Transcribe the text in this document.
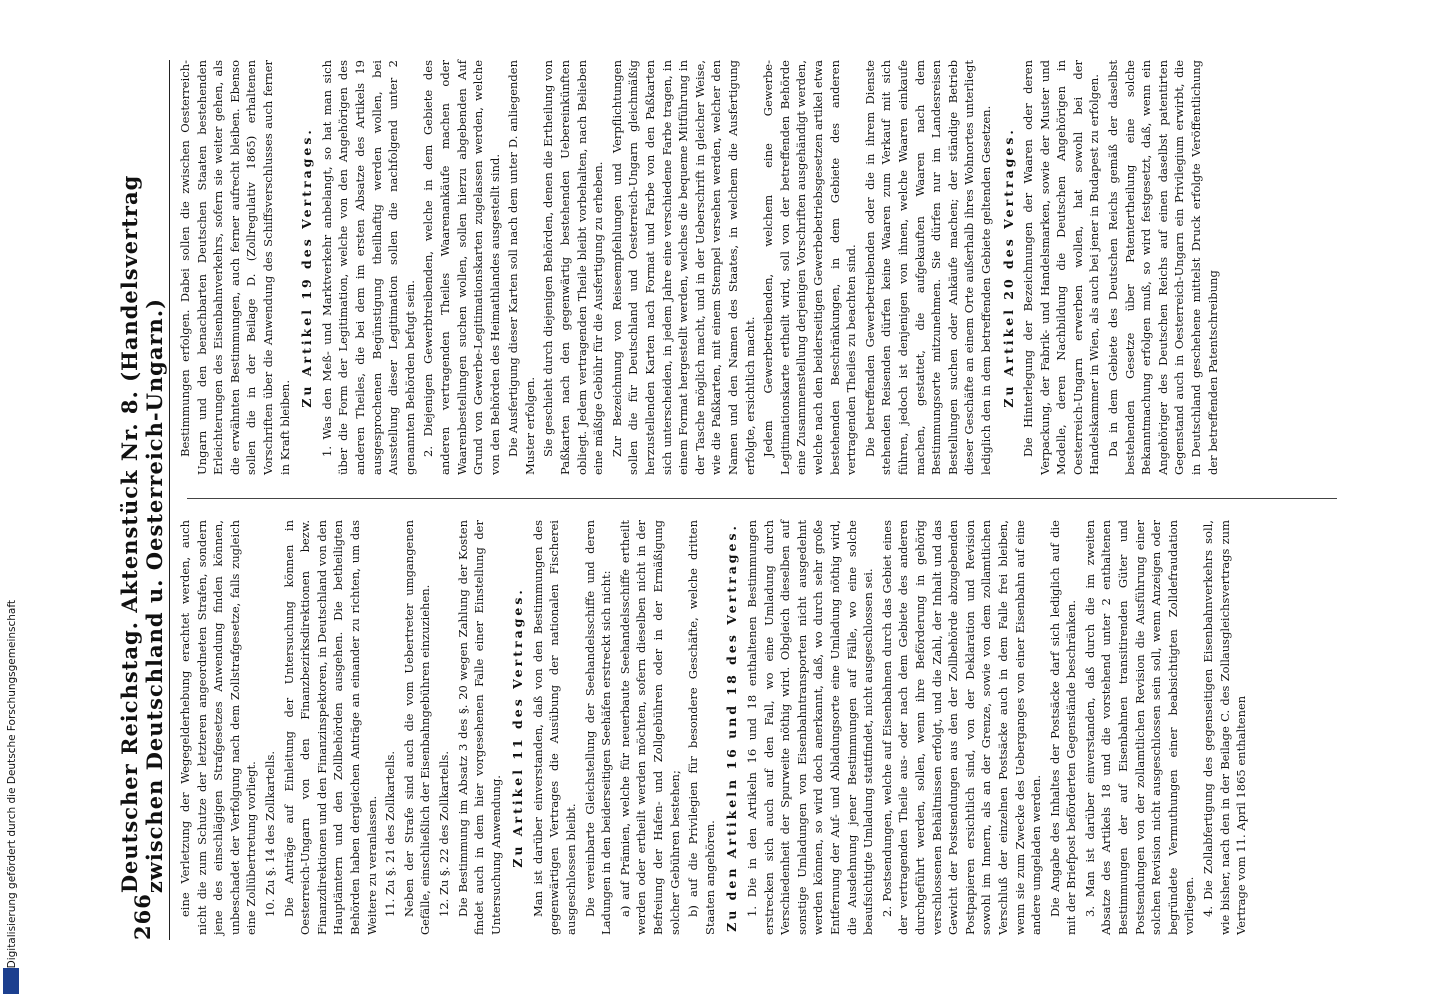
266
Deutscher Reichstag. Aktenstück Nr. 8. (Handelsvertrag zwischen Deutschland u. Oesterreich-Ungarn.) eine Verletzung der Wegegelderhebung erachtet werden, auch nicht die zum Schutze der letzteren angeordneten Strafen, sondern jene des einschlägigen Strafgesetzes Anwendung finden können, unbeschadet der Verfolgung nach dem Zollstrafgesetze, falls zugleich eine Zollübertretung vorliegt. 10. Zu §. 14 des Zollkartells. Die Anträge auf Einleitung der Untersuchung können in Oesterreich-Ungarn von den Finanzbezirksdirektionen bezw. Finanzdirektionen und den Finanzinspektoren, in Deutschland von den Hauptämtern und den Zollbehörden ausgehen. Die betheiligten Behörden haben dergleichen Anträge an einander zu richten, um das Weitere zu veranlassen. 11. Zu §. 21 des Zollkartells. Neben der Strafe sind auch die vom Uebertreter umgangenen Gefälle, einschließlich der Eisenbahngebühren einzuziehen. 12. Zu §. 22 des Zollkartells. Die Bestimmung im Absatz 3 des §. 20 wegen Zahlung der Kosten findet auch in dem hier vorgesehenen Falle einer Einstellung der Untersuchung Anwendung. Zu Artikel 11 des Vertrages. Man ist darüber einverstanden, daß von den Bestimmungen des gegenwärtigen Vertrages die Ausübung der nationalen Fischerei ausgeschlossen bleibt. Die vereinbarte Gleichstellung der Seehandelsschiffe und deren Ladungen in den beiderseitigen Seehäfen erstreckt sich nicht: a) auf Prämien, welche für neuerbaute Seehandelsschiffe ertheilt werden oder ertheilt werden möchten, sofern dieselben nicht in der Befreiung der Hafen- und Zollgebühren oder in der Ermäßigung solcher Gebühren bestehen; b) auf die Privilegien für besondere Geschäfte, welche dritten Staaten angehören. Zu den Artikeln 16 und 18 des Vertrages. 1. Die in den Artikeln 16 und 18 enthaltenen Bestimmungen erstrecken sich auch auf den Fall, wo eine Umladung durch Verschiedenheit der Spurweite nöthig wird. Obgleich dieselben auf sonstige Umladungen von Eisenbahntransporten nicht ausgedehnt werden können, so wird doch anerkannt, daß, wo durch sehr große Entfernung der Auf- und Abladungsorte eine Umladung nöthig wird, die Ausdehnung jener Bestimmungen auf Fälle, wo eine solche beaufsichtigte Umladung stattfindet, nicht ausgeschlossen sei. 2. Postsendungen, welche auf Eisenbahnen durch das Gebiet eines der vertragenden Theile aus- oder nach dem Gebiete des anderen durchgeführt werden, sollen, wenn ihre Beförderung in gehörig verschlossenen Behältnissen erfolgt, und die Zahl, der Inhalt und das Gewicht der Postsendungen aus den der Zollbehörde abzugebenden Postpapieren ersichtlich sind, von der Deklaration und Revision sowohl im Innern, als an der Grenze, sowie von dem zollamtlichen Verschluß der einzelnen Postsäcke auch in dem Falle frei bleiben, wenn sie zum Zwecke des Ueberganges von einer Eisenbahn auf eine andere umgeladen werden. Die Angabe des Inhaltes der Postsäcke darf sich lediglich auf die mit der Briefpost beförderten Gegenstände beschränken. 3. Man ist darüber einverstanden, daß durch die im zweiten Absatze des Artikels 18 und die vorstehend unter 2 enthaltenen Bestimmungen der auf Eisenbahnen transitirenden Güter und Postsendungen von der zollamtlichen Revision die Ausführung einer solchen Revision nicht ausgeschlossen sein soll, wenn Anzeigen oder begründete Vermuthungen einer beabsichtigten Zolldefraudation vorliegen. 4. Die Zollabfertigung des gegenseitigen Eisenbahnverkehrs soll, wie bisher, nach den in der Beilage C. des Zollausgleichsvertrags zum Vertrage vom 11. April 1865 enthaltenen

Bestimmungen erfolgen. Dabei sollen die zwischen Oesterreich-Ungarn und den benachbarten Deutschen Staaten bestehenden Erleichterungen des Eisenbahnverkehrs, sofern sie weiter gehen, als die erwähnten Bestimmungen, auch ferner aufrecht bleiben. Ebenso sollen die in der Beilage D. (Zollregulativ 1865) erhaltenen Vorschriften über die Anwendung des Schiffsverschlusses auch ferner in Kraft bleiben.

Zu Artikel 19 des Vertrages. 1. Was den Meß- und Marktverkehr anbelangt, so hat man sich über die Form der Legitimation, welche von den Angehörigen des anderen Theiles, die bei dem im ersten Absatze des Artikels 19 ausgesprochenen Begünstigung theilhaftig werden wollen, bei Ausstellung dieser Legitimation sollen die nachfolgend unter 2 genannten Behörden befugt sein. 2. Diejenigen Gewerbtreibenden, welche in dem Gebiete des anderen vertragenden Theiles Waarenankäufe machen oder Waarenbestellungen suchen wollen, sollen hierzu abgebenden Auf Grund von Gewerbe-Legitimationskarten zugelassen werden, welche von den Behörden des Heimathlandes ausgestellt sind. Die Ausfertigung dieser Karten soll nach dem unter D. anliegenden Muster erfolgen. Sie geschieht durch diejenigen Behörden, denen die Ertheilung von Paßkarten nach den gegenwärtig bestehenden Uebereinkünften obliegt. Jedem vertragenden Theile bleibt vorbehalten, nach Belieben eine mäßige Gebühr für die Ausfertigung zu erheben. Zur Bezeichnung von Reiseempfehlungen und Verpflichtungen sollen die für Deutschland und Oesterreich-Ungarn gleichmäßig herzustellenden Karten nach Format und Farbe von den Paßkarten sich unterscheiden, in jedem Jahre eine verschiedene Farbe tragen, in einem Format hergestellt werden, welches die bequeme Mitführung in der Tasche möglich macht, und in der Ueberschrift in gleicher Weise, wie die Paßkarten, mit einem Stempel versehen werden, welcher den Namen und den Namen des Staates, in welchem die Ausfertigung erfolgte, ersichtlich macht. Jedem Gewerbetreibenden, welchem eine Gewerbe-Legitimationskarte ertheilt wird, soll von der betreffenden Behörde eine Zusammenstellung derjenigen Vorschriften ausgehändigt werden, welche nach den beiderseitigen Gewerbebetriebsgesetzen artikel etwa bestehenden Beschränkungen, in dem Gebiete des anderen vertragenden Theiles zu beachten sind. Die betreffenden Gewerbetreibenden oder die in ihrem Dienste stehenden Reisenden dürfen keine Waaren zum Verkauf mit sich führen, jedoch ist denjenigen von ihnen, welche Waaren einkaufe machen, gestattet, die aufgekauften Waaren nach dem Bestimmungsorte mitzunehmen. Sie dürfen nur im Landesreisen Bestellungen suchen oder Ankäufe machen; der ständige Betrieb dieser Geschäfte an einem Orte außerhalb ihres Wohnortes unterliegt lediglich den in dem betreffenden Gebiete geltenden Gesetzen. Zu Artikel 20 des Vertrages. Die Hinterlegung der Bezeichnungen der Waaren oder deren Verpackung, der Fabrik- und Handelsmarken, sowie der Muster und Modelle, deren Nachbildung die Deutschen Angehörigen in Oesterreich-Ungarn erwerben wollen, hat sowohl bei der Handelskammer in Wien, als auch bei jener in Budapest zu erfolgen. Da in dem Gebiete des Deutschen Reichs gemäß der daselbst bestehenden Gesetze über Patentertheilung eine solche Bekanntmachung erfolgen muß, so wird festgesetzt, daß, wenn ein Angehöriger des Deutschen Reichs auf einen daselbst patentirten Gegenstand auch in Oesterreich-Ungarn ein Privilegium erwirbt, die in Deutschland geschehene mittelst Druck erfolgte Veröffentlichung der betreffenden Patentschreibung

Digitalisierung gefördert durch die Deutsche Forschungsgemeinschaft
